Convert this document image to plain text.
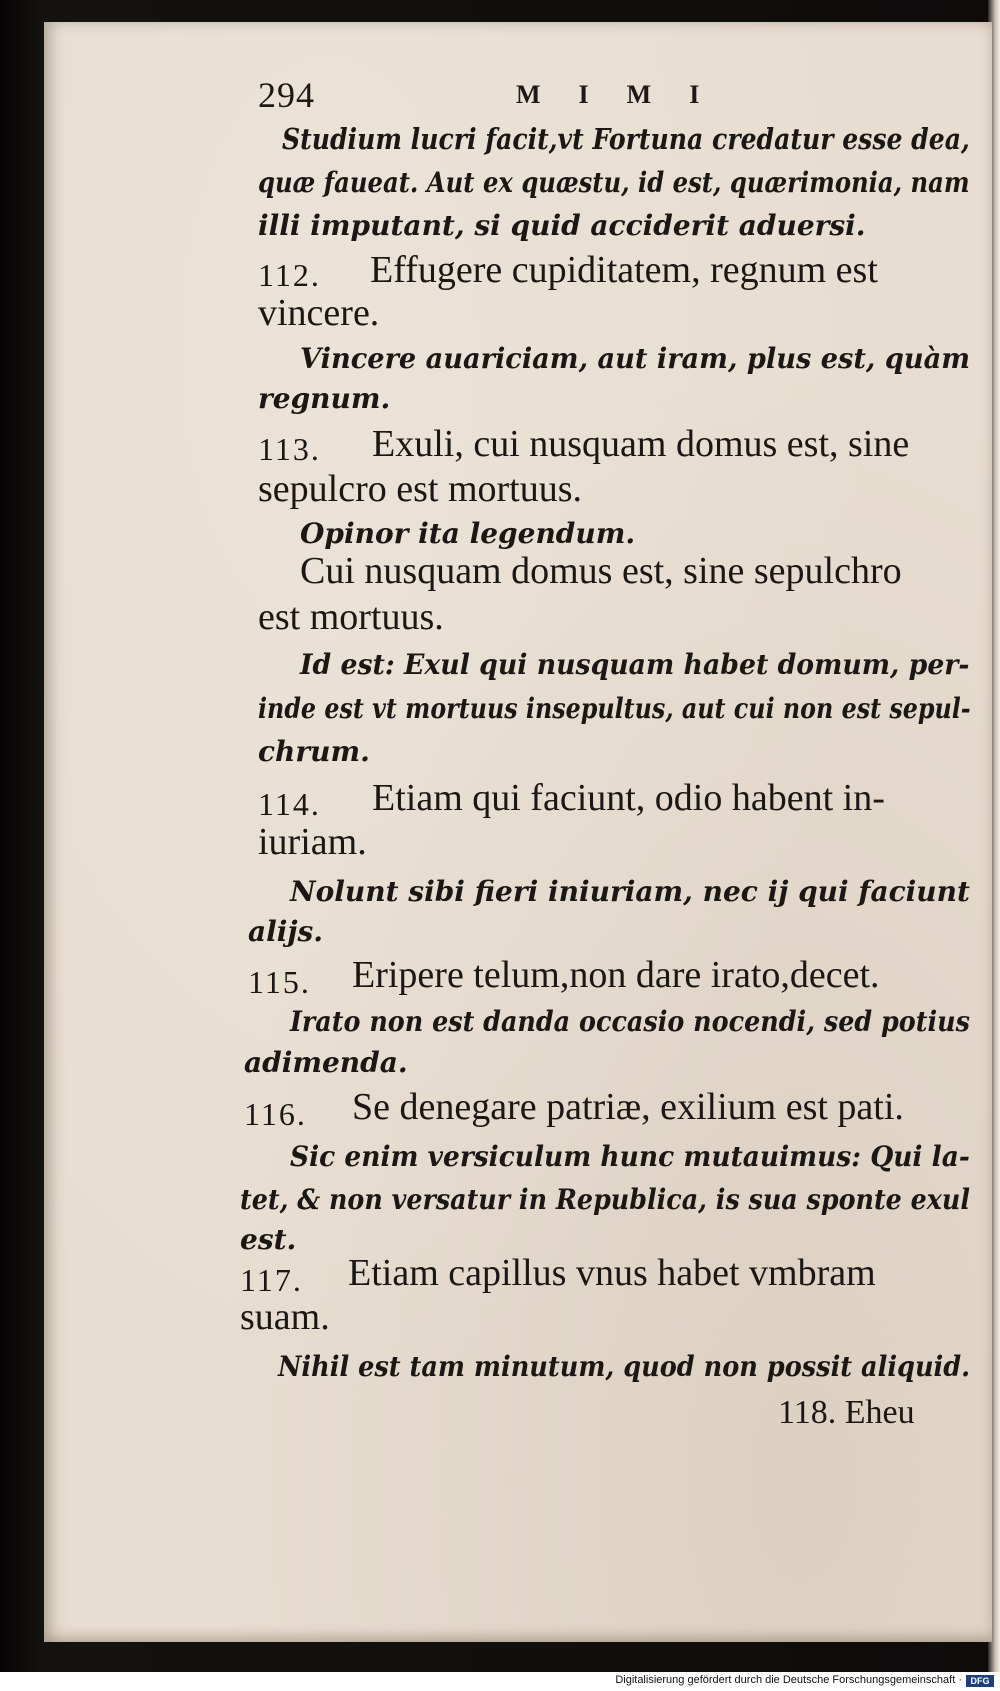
294	MIMI
Studium lucri facit,vt Fortuna credatur esse dea,
quæ faueat. Aut ex quæstu, id est, quærimonia, nam
illi imputant, si quid acciderit aduersi.
112. Effugere cupiditatem, regnum est
vincere.
Vincere auariciam, aut iram, plus est, quàm
regnum.
113. Exuli, cui nusquam domus est, sine
sepulcro est mortuus.
Opinor ita legendum.
Cui nusquam domus est, sine sepulchro
est mortuus.
Id est: Exul qui nusquam habet domum, per-
inde est vt mortuus insepultus, aut cui non est sepul-
chrum.
114. Etiam qui faciunt, odio habent in-
iuriam.
Nolunt sibi fieri iniuriam, nec ij qui faciunt
alijs.
115. Eripere telum,non dare irato,decet.
Irato non est danda occasio nocendi, sed potius
adimenda.
116. Se denegare patriæ, exilium est pati.
Sic enim versiculum hunc mutauimus: Qui la-
tet, & non versatur in Republica, is sua sponte exul
est.
117. Etiam capillus vnus habet vmbram
suam.
Nihil est tam minutum, quod non possit aliquid.
118. Eheu
Digitalisierung gefördert durch die Deutsche Forschungsgemeinschaft · DFG
